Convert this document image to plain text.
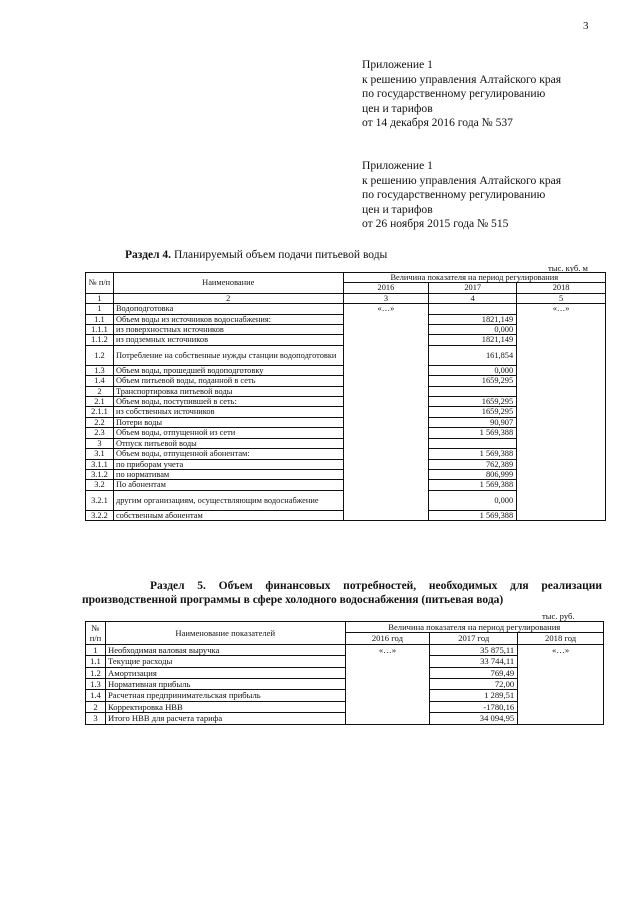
3
Приложение 1
к решению управления Алтайского края
по государственному регулированию
цен и тарифов
от 14 декабря 2016 года № 537
Приложение 1
к решению управления Алтайского края
по государственному регулированию
цен и тарифов
от 26 ноября 2015 года № 515
Раздел 4. Планируемый объем подачи питьевой воды
тыс. куб. м
№ п/п	Наименование	Величина показателя на период регулирования		
		2016	2017	2018
1	2	3	4	5
1	Водоподготовка	«…»		«…»
1.1	Объем воды из источников водоснабжения:		1821,149	
1.1.1	из поверхностных источников		0,000	
1.1.2	из подземных источников		1821,149	
1.2	Потребление на собственные нужды станции водоподготовки		161,854	
1.3	Объем воды, прошедшей водоподготовку		0,000	
1.4	Объем питьевой воды, поданной в сеть		1659,295	
2	Транспортировка питьевой воды			
2.1	Объем воды, поступившей в сеть:		1659,295	
2.1.1	из собственных источников		1659,295	
2.2	Потери воды		90,907	
2.3	Объем воды, отпущенной из сети		1 569,388	
3	Отпуск питьевой воды			
3.1	Объем воды, отпущенной абонентам:		1 569,388	
3.1.1	по приборам учета		762,389	
3.1.2	по нормативам		806,999	
3.2	По абонентам		1 569,388	
3.2.1	другим организациям, осуществляющим водоснабжение		0,000	
3.2.2	собственным абонентам		1 569,388	
Раздел 5. Объем финансовых потребностей, необходимых для реализации производственной программы в сфере холодного водоснабжения (питьевая вода)
тыс. руб.
№ п/п	Наименование показателей	Величина показателя на период регулирования		
		2016 год	2017 год	2018 год
1	Необходимая валовая выручка	«…»	35 875,11	«…»
1.1	Текущие расходы		33 744,11	
1.2	Амортизация		769,49	
1.3	Нормативная прибыль		72,00	
1.4	Расчетная предпринимательская прибыль		1 289,51	
2	Корректировка НВВ		-1780,16	
3	Итого НВВ для расчета тарифа		34 094,95	
